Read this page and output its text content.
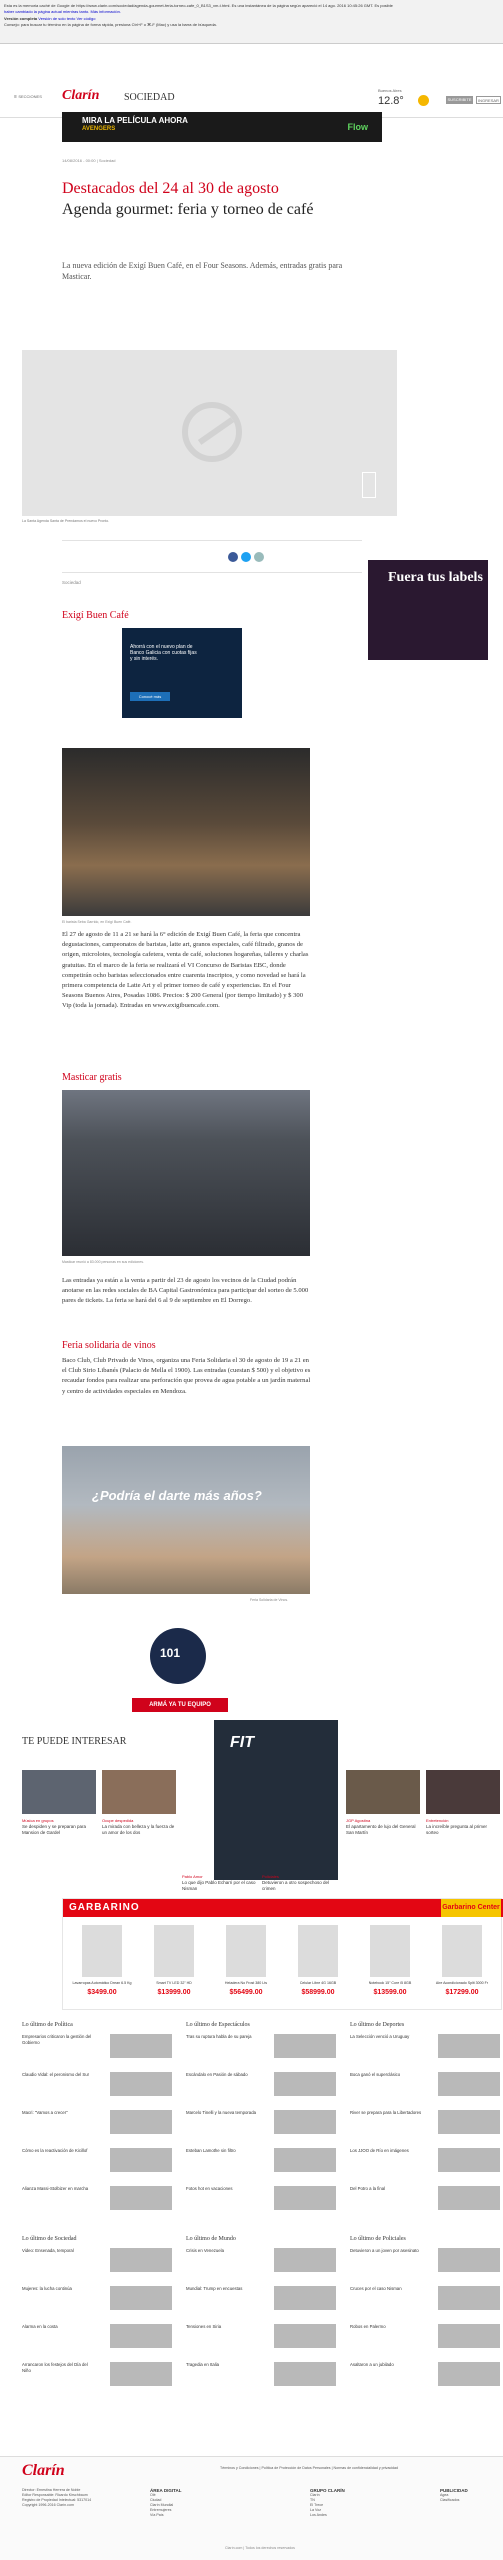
Esta es la memoria caché de Google de https://www.clarin.com/sociedad/agenda-gourmet-feria-torneo-cafe_0_B1S3_xm-t.html. Es una instantánea de la página según apareció el 14 ago. 2016 10:45:26 GMT. Es posible
haber cambiado la página actual mientras tanto. Más información.
Versión completa Versión de solo texto Ver código
Consejo: para buscar tu término en la página de forma rápida, presiona Ctrl+F o ⌘-F (Mac) y usa la barra de búsqueda.
≡ SECCIONES Clarín SOCIEDAD
Buenos Aires
12.8°	SUSCRIBITE	INGRESAR
MIRA LA PELÍCULA AHORA
AVENGERS	Flow
14/08/2016 - 00:00 | Sociedad
Destacados del 24 al 30 de agosto
Agenda gourmet: feria y torneo de café
La nueva edición de Exigí Buen Café, en el Four Seasons. Además, entradas gratis para Masticar.
La Santa Agenda Santa de Prendamos el nuevo Pronto.
Sociedad	Fuera tus labels
Exigí Buen Café
Ahorrá con el nuevo plan de Banco Galicia con cuotas fijas y sin interés.
Conocé más
El barista Seba Garrido, en Exigí Buen Café.
El 27 de agosto de 11 a 21 se hará la 6° edición de Exigí Buen Café, la feria que concentra degustaciones, campeonatos de baristas, latte art, granos especiales, café filtrado, granos de origen, microlotes, tecnología cafetera, venta de café, soluciones hogareñas, talleres y charlas gratuitas. En el marco de la feria se realizará el VI Concurso de Baristas EBC, donde competirán ocho baristas seleccionados entre cuarenta inscriptos, y como novedad se hará la primera competencia de Latte Art y el primer torneo de café y experiencias. En el Four Seasons Buenos Aires, Posadas 1086. Precios: $ 200 General (por tiempo limitado) y $ 300 Vip (toda la jornada). Entradas en www.exigibuencafe.com.
Masticar gratis
Masticar reunió a 83.000 personas en sus ediciones.
Las entradas ya están a la venta a partir del 23 de agosto los vecinos de la Ciudad podrán anotarse en las redes sociales de BA Capital Gastronómica para participar del sorteo de 5.000 pares de tickets. La feria se hará del 6 al 9 de septiembre en El Dorrego.
Feria solidaria de vinos
Baco Club, Club Privado de Vinos, organiza una Feria Solidaria el 30 de agosto de 19 a 21 en el Club Sirio Libanés (Palacio de Mella el 1900). Las entradas (cuestan $ 500) y el objetivo es recaudar fondos para realizar una perforación que provea de agua potable a un jardín maternal y centro de actividades especiales en Mendoza.
¿Podría el darte más años?
Feria Solidaria de Vinos.
101
ARMÁ YA TU EQUIPO
TE PUEDE INTERESAR	FIT
Música en grupos
Se despiden y se preparan para Mansion de Gardel
Ocupe despedida
La mirada con belleza y la fuerza de un amor de los dos
Pablo Amor
Lo que dijo Pablo Echarri por el caso Nisman
Policiales
Detuvieron a otro sospechoso del crimen
JGP Agostina
El apartamento de lujo del General San Martín
Entretención
La increíble pregunta al primer sorteo
GARBARINO	Garbarino Center
Lavarropas Automático Drean 6.5 Kg
$3499.00
Smart TV LED 32" HD
$13999.00
Heladera No Frost 380 Lts
$56499.00
Celular Libre 4G 16GB
$58999.00
Notebook 15" Core i5 8GB
$13599.00
Aire Acondicionado Split 3000 Fr
$17299.00
Lo último de Política
Empresarios criticaron la gestión del Gobierno
Claudio Vidal: el peronismo del Sur
Macri: "Vamos a crecer"
Cómo es la reactivación de Kicillof
Alianza Massi-Stolbizer en marcha
Lo último de Espectáculos
Tras su ruptura habla de su pareja
Escándalo en Pasión de sábado
Marcelo Tinelli y la nueva temporada
Esteban Lamothe sin filtro
Fotos hot en vacaciones
Lo último de Deportes
La Selección venció a Uruguay
Boca ganó el superclásico
River se prepara para la Libertadores
Los JJOO de Río en imágenes
Del Potro a la final
Lo último de Sociedad
Video: Ensenada, temporal
Mujeres: la lucha continúa
Alarma en la costa
Arrancaron los festejos del Día del Niño
Lo último de Mundo
Crisis en Venezuela
Mundial: Trump en encuestas
Tensiones en Siria
Tragedia en Italia
Lo último de Policiales
Detuvieron a un joven por asesinato
Cruces por el caso Nisman
Robos en Palermo
Asaltaron a un jubilado
Clarín	Términos y Condiciones | Política de Protección de Datos Personales | Normas de confidencialidad y privacidad
Director: Ernestina Herrera de Noble
Editor Responsable: Ricardo Kirschbaum
Registro de Propiedad Intelectual: 5317014
Copyright 1996-2016 Clarín.com
ÁREA DIGITAL
Olé
Ciudad
Clarín Mundial
Entremujeres
Vía País
GRUPO CLARÍN
Clarín
TN
El Trece
La Voz
Los Andes
PUBLICIDAD
Agea
Clasificados
Clarín.com | Todos los derechos reservados
